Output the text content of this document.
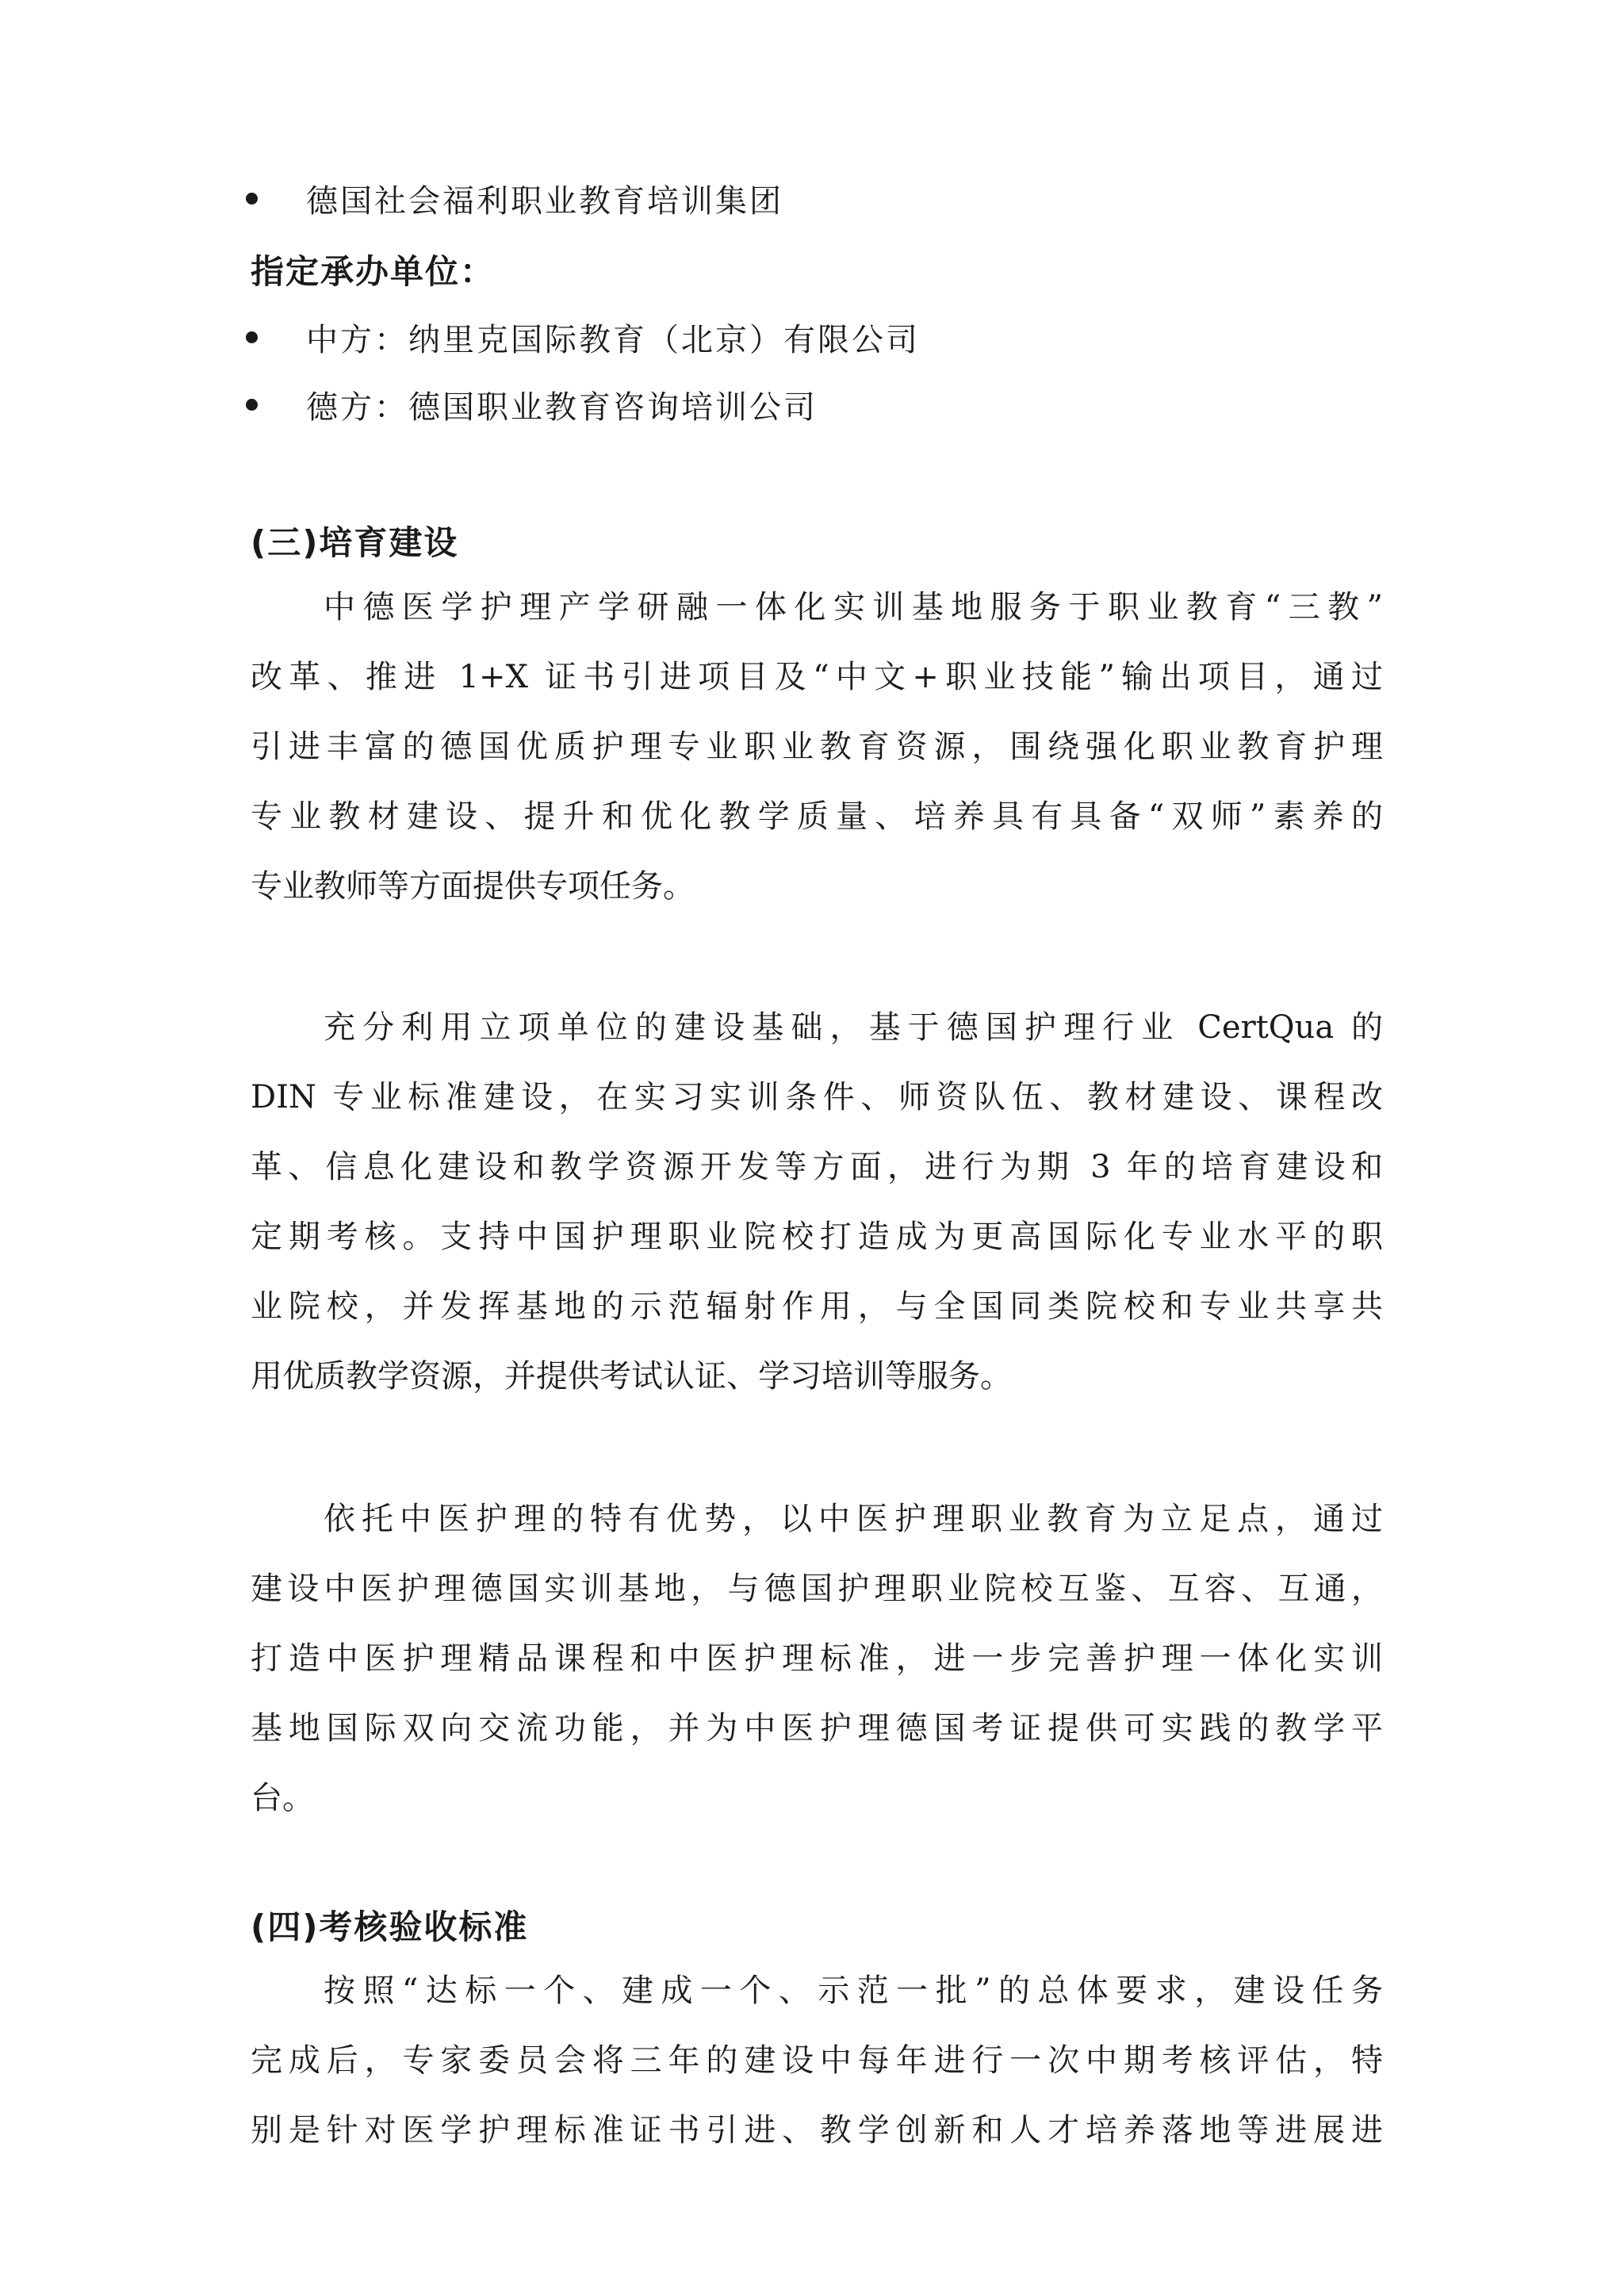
德国社会福利职业教育培训集团
指定承办单位：
中方：纳里克国际教育（北京）有限公司
德方：德国职业教育咨询培训公司
(三)培育建设
中德医学护理产学研融一体化实训基地服务于职业教育“三教”
改革、推进 1+X 证书引进项目及“中文+职业技能”输出项目，通过
引进丰富的德国优质护理专业职业教育资源，围绕强化职业教育护理
专业教材建设、提升和优化教学质量、培养具有具备“双师”素养的
专业教师等方面提供专项任务。
充分利用立项单位的建设基础，基于德国护理行业 CertQua 的
DIN 专业标准建设，在实习实训条件、师资队伍、教材建设、课程改
革、信息化建设和教学资源开发等方面，进行为期 3 年的培育建设和
定期考核。支持中国护理职业院校打造成为更高国际化专业水平的职
业院校，并发挥基地的示范辐射作用，与全国同类院校和专业共享共
用优质教学资源，并提供考试认证、学习培训等服务。
依托中医护理的特有优势，以中医护理职业教育为立足点，通过
建设中医护理德国实训基地，与德国护理职业院校互鉴、互容、互通，
打造中医护理精品课程和中医护理标准，进一步完善护理一体化实训
基地国际双向交流功能，并为中医护理德国考证提供可实践的教学平
台。
(四)考核验收标准
按照“达标一个、建成一个、示范一批”的总体要求，建设任务
完成后，专家委员会将三年的建设中每年进行一次中期考核评估，特
别是针对医学护理标准证书引进、教学创新和人才培养落地等进展进
